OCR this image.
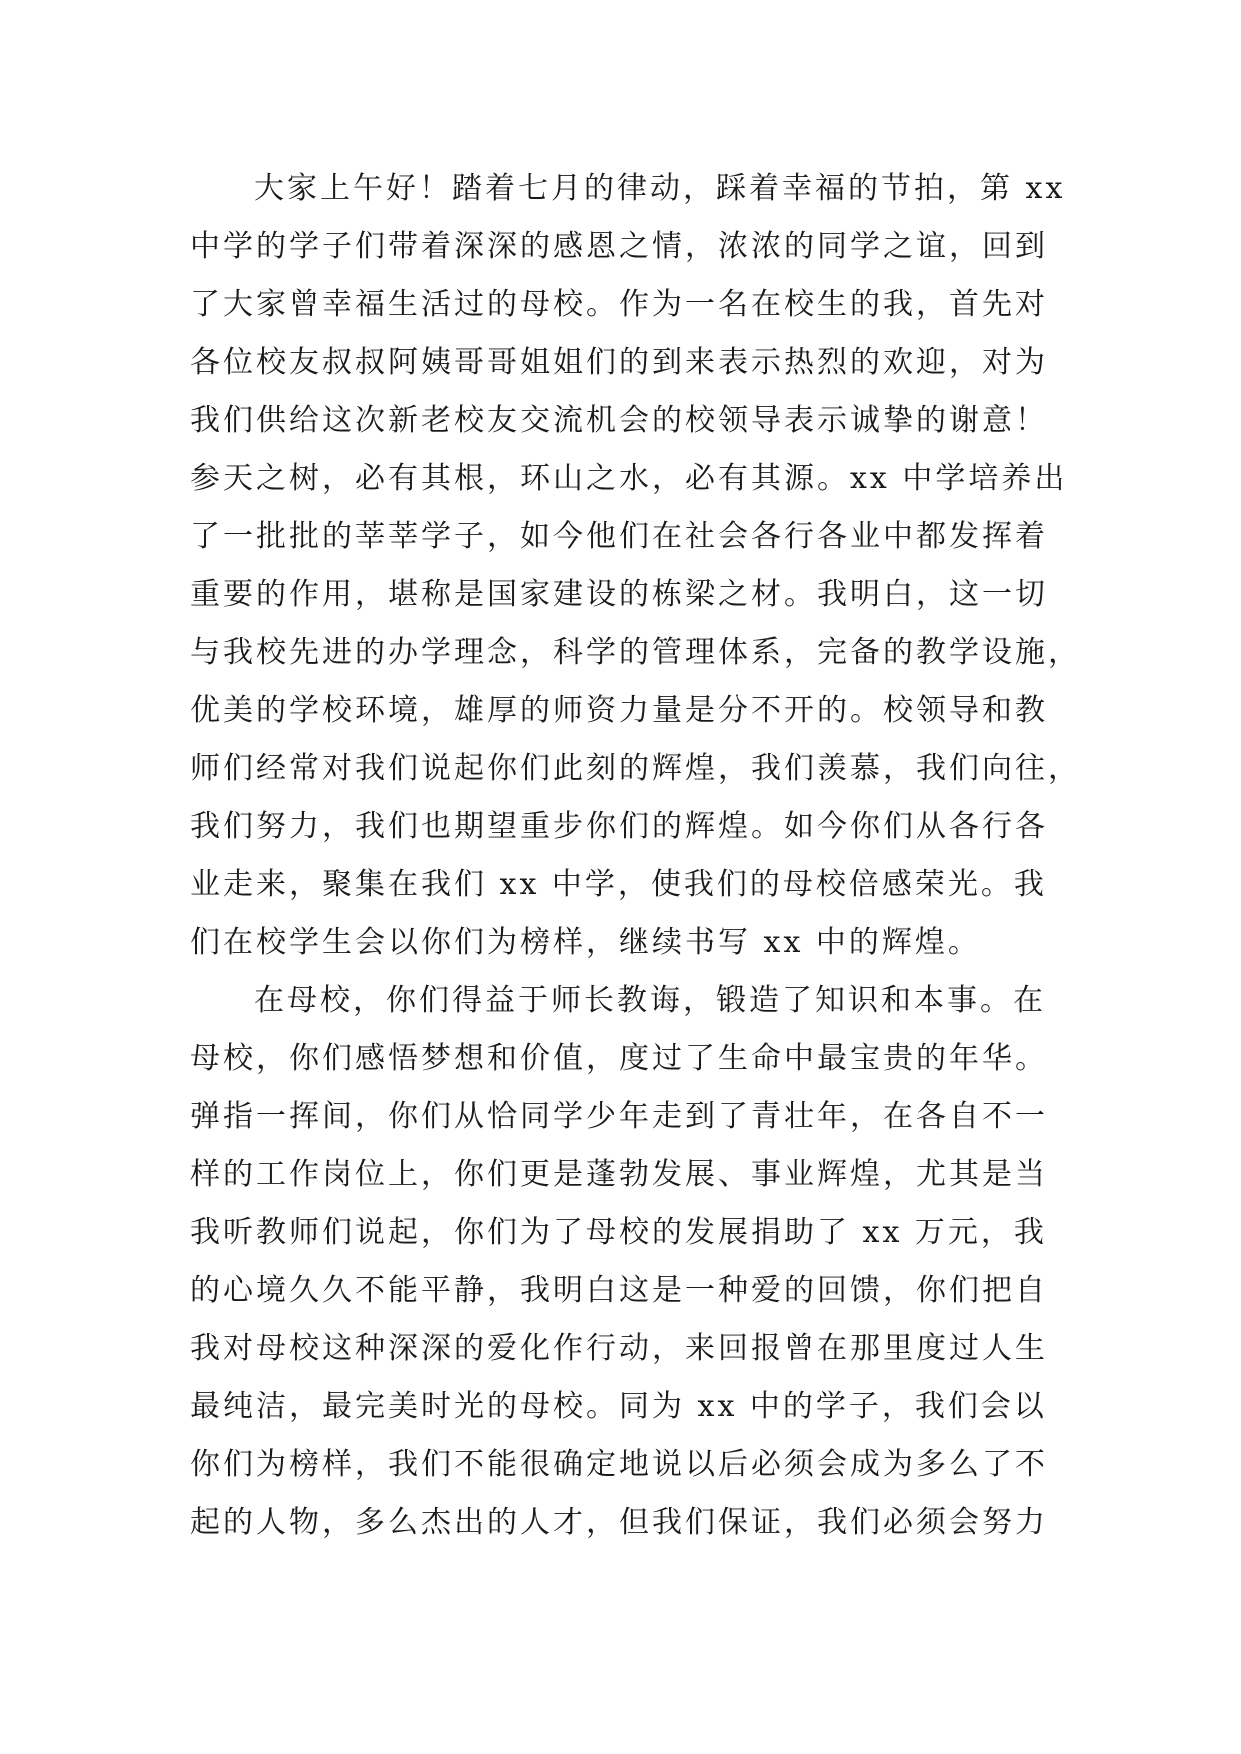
大家上午好！踏着七月的律动，踩着幸福的节拍，第 xx
中学的学子们带着深深的感恩之情，浓浓的同学之谊，回到
了大家曾幸福生活过的母校。作为一名在校生的我，首先对
各位校友叔叔阿姨哥哥姐姐们的到来表示热烈的欢迎，对为
我们供给这次新老校友交流机会的校领导表示诚挚的谢意！
参天之树，必有其根，环山之水，必有其源。xx 中学培养出
了一批批的莘莘学子，如今他们在社会各行各业中都发挥着
重要的作用，堪称是国家建设的栋梁之材。我明白，这一切
与我校先进的办学理念，科学的管理体系，完备的教学设施，
优美的学校环境，雄厚的师资力量是分不开的。校领导和教
师们经常对我们说起你们此刻的辉煌，我们羡慕，我们向往，
我们努力，我们也期望重步你们的辉煌。如今你们从各行各
业走来，聚集在我们 xx 中学，使我们的母校倍感荣光。我
们在校学生会以你们为榜样，继续书写 xx 中的辉煌。
在母校，你们得益于师长教诲，锻造了知识和本事。在
母校，你们感悟梦想和价值，度过了生命中最宝贵的年华。
弹指一挥间，你们从恰同学少年走到了青壮年，在各自不一
样的工作岗位上，你们更是蓬勃发展、事业辉煌，尤其是当
我听教师们说起，你们为了母校的发展捐助了 xx 万元，我
的心境久久不能平静，我明白这是一种爱的回馈，你们把自
我对母校这种深深的爱化作行动，来回报曾在那里度过人生
最纯洁，最完美时光的母校。同为 xx 中的学子，我们会以
你们为榜样，我们不能很确定地说以后必须会成为多么了不
起的人物，多么杰出的人才，但我们保证，我们必须会努力
